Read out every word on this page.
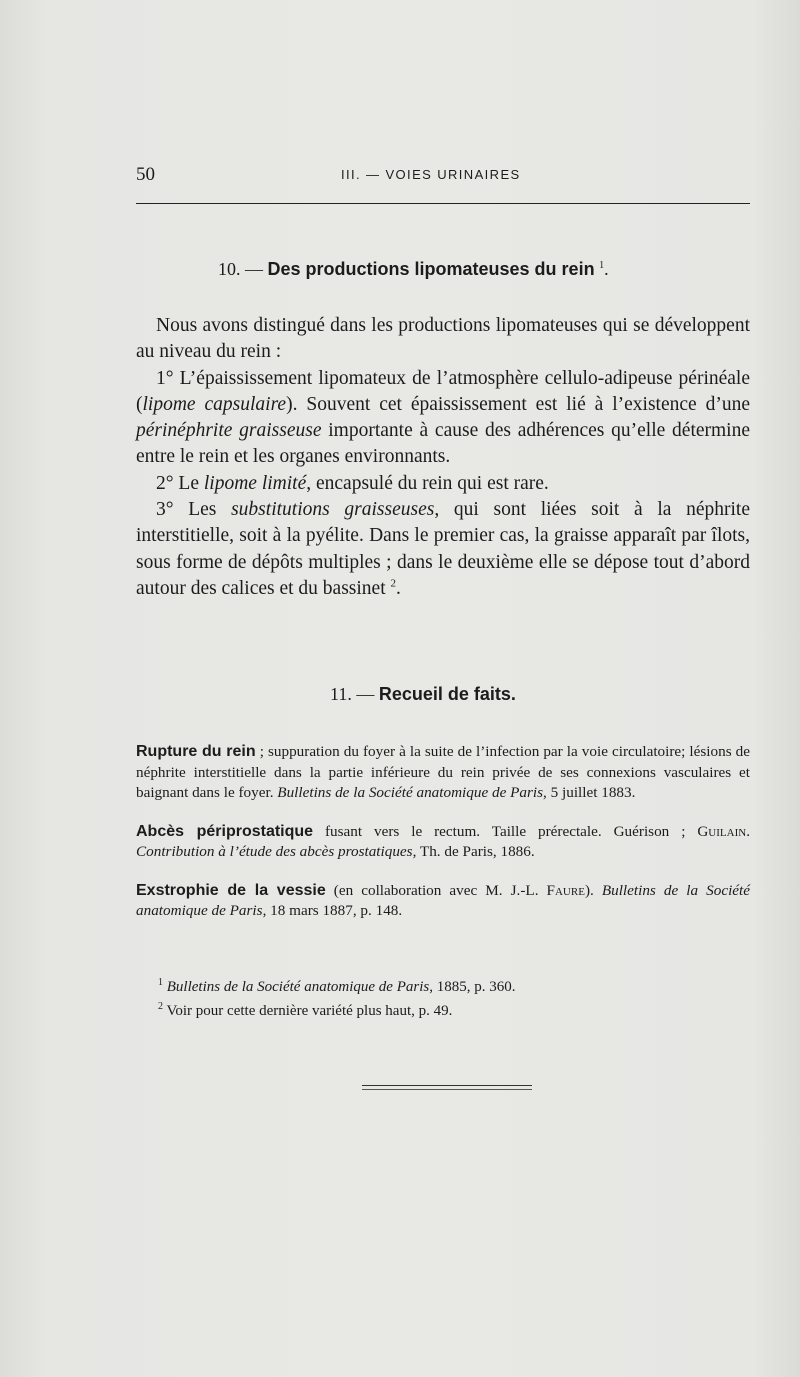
50	III. — VOIES URINAIRES
10. — Des productions lipomateuses du rein $^1$.

Nous avons distingué dans les productions lipomateuses qui se développent au niveau du rein :

1° L’épaississement lipomateux de l’atmosphère cellulo-adipeuse périnéale (lipome capsulaire). Souvent cet épaississement est lié à l’existence d’une périnéphrite graisseuse importante à cause des adhérences qu’elle détermine entre le rein et les organes environnants.

2° Le lipome limité, encapsulé du rein qui est rare.

3° Les substitutions graisseuses, qui sont liées soit à la néphrite interstitielle, soit à la pyélite. Dans le premier cas, la graisse apparaît par îlots, sous forme de dépôts multiples ; dans le deuxième elle se dépose tout d’abord autour des calices et du bassinet $^2$.

11. — Recueil de faits.

Rupture du rein ; suppuration du foyer à la suite de l’infection par la voie circulatoire; lésions de néphrite interstitielle dans la partie inférieure du rein privée de ses connexions vasculaires et baignant dans le foyer. Bulletins de la Société anatomique de Paris, 5 juillet 1883.

Abcès périprostatique fusant vers le rectum. Taille prérectale. Guérison ; Guilain. Contribution à l’étude des abcès prostatiques, Th. de Paris, 1886.

Exstrophie de la vessie (en collaboration avec M. J.-L. Faure). Bulletins de la Société anatomique de Paris, 18 mars 1887, p. 148.

$^1$ Bulletins de la Société anatomique de Paris, 1885, p. 360.

$^2$ Voir pour cette dernière variété plus haut, p. 49.
